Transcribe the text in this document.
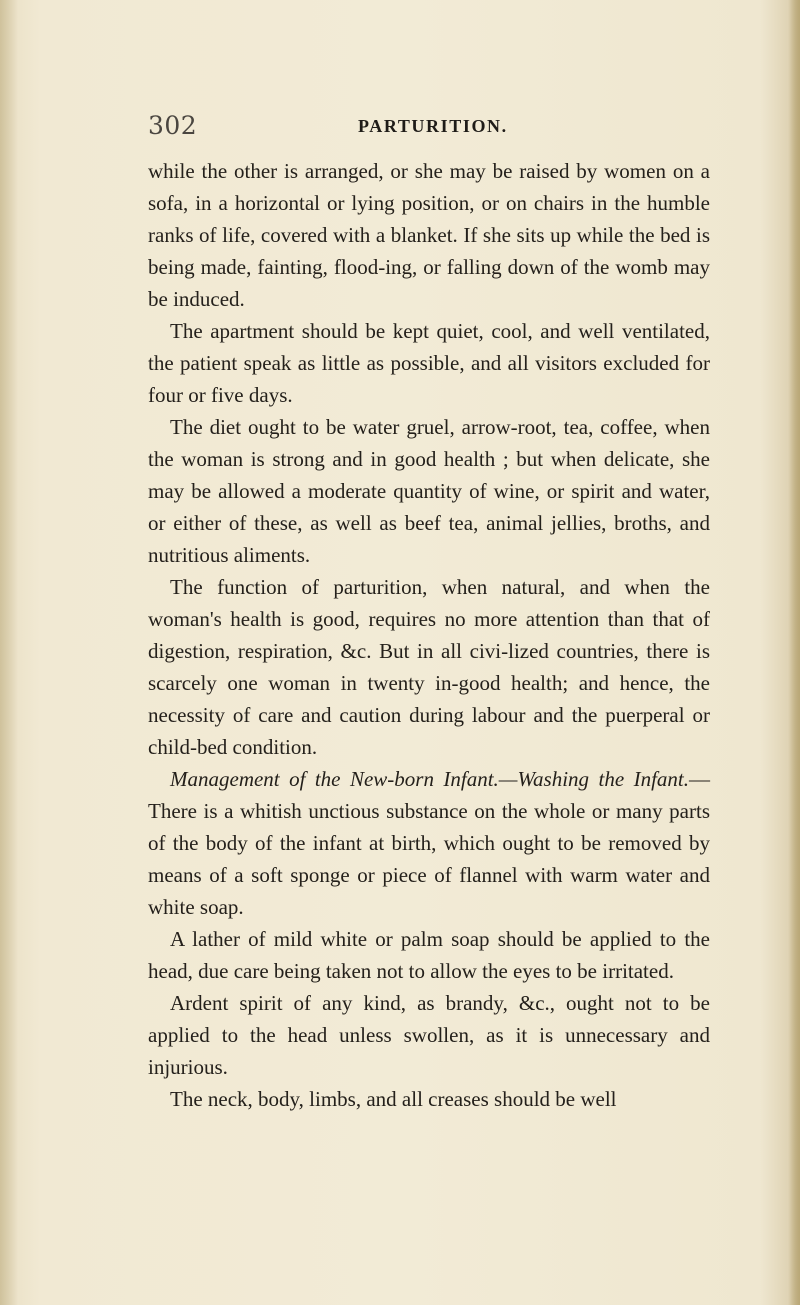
302	PARTURITION.

while the other is arranged, or she may be raised by women on a sofa, in a horizontal or lying position, or on chairs in the humble ranks of life, covered with a blanket. If she sits up while the bed is being made, fainting, flood-ing, or falling down of the womb may be induced.

The apartment should be kept quiet, cool, and well ventilated, the patient speak as little as possible, and all visitors excluded for four or five days.

The diet ought to be water gruel, arrow-root, tea, coffee, when the woman is strong and in good health ; but when delicate, she may be allowed a moderate quantity of wine, or spirit and water, or either of these, as well as beef tea, animal jellies, broths, and nutritious aliments.

The function of parturition, when natural, and when the woman's health is good, requires no more attention than that of digestion, respiration, &c. But in all civi-lized countries, there is scarcely one woman in twenty in-good health; and hence, the necessity of care and caution during labour and the puerperal or child-bed condition.

Management of the New-born Infant.—Washing the Infant.—There is a whitish unctious substance on the whole or many parts of the body of the infant at birth, which ought to be removed by means of a soft sponge or piece of flannel with warm water and white soap.

A lather of mild white or palm soap should be applied to the head, due care being taken not to allow the eyes to be irritated.

Ardent spirit of any kind, as brandy, &c., ought not to be applied to the head unless swollen, as it is unnecessary and injurious.

The neck, body, limbs, and all creases should be well
